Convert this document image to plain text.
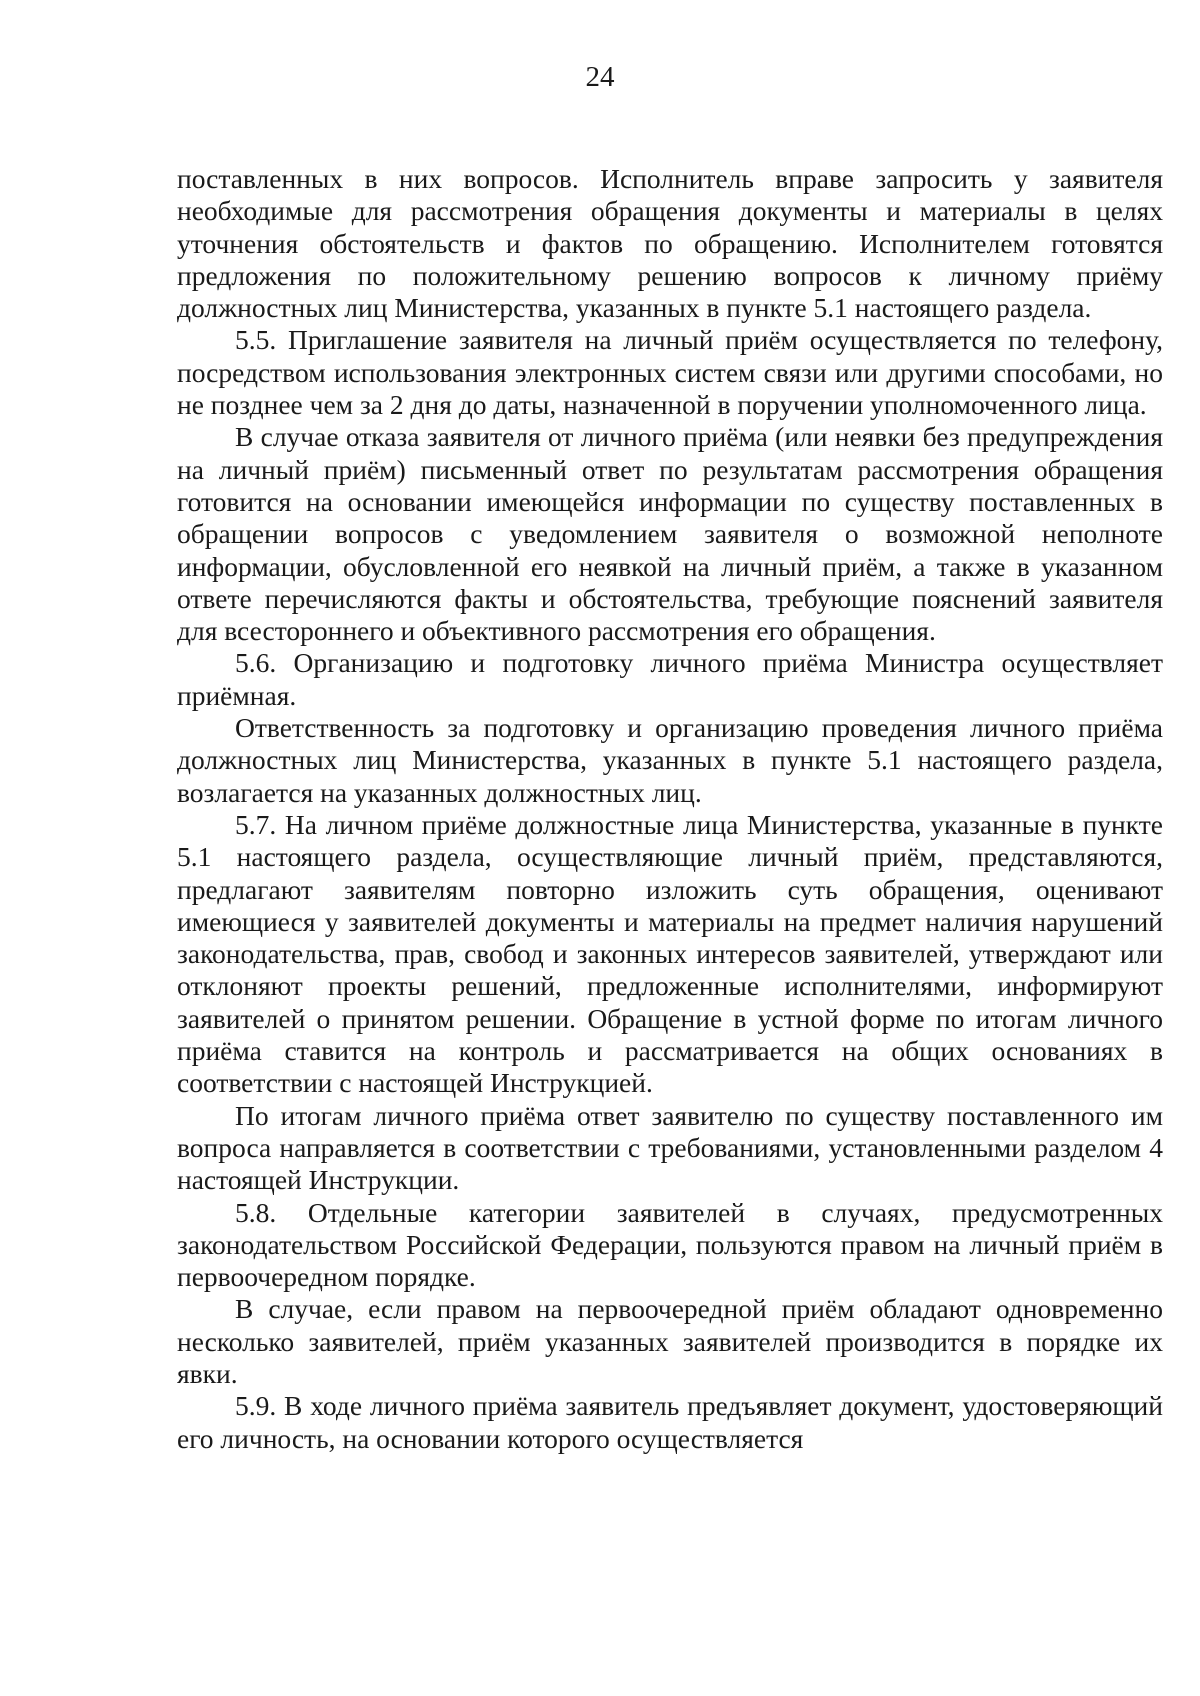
24

поставленных в них вопросов. Исполнитель вправе запросить у заявителя необходимые для рассмотрения обращения документы и материалы в целях уточнения обстоятельств и фактов по обращению. Исполнителем готовятся предложения по положительному решению вопросов к личному приёму должностных лиц Министерства, указанных в пункте 5.1 настоящего раздела.

5.5. Приглашение заявителя на личный приём осуществляется по телефону, посредством использования электронных систем связи или другими способами, но не позднее чем за 2 дня до даты, назначенной в поручении уполномоченного лица.

В случае отказа заявителя от личного приёма (или неявки без предупреждения на личный приём) письменный ответ по результатам рассмотрения обращения готовится на основании имеющейся информации по существу поставленных в обращении вопросов с уведомлением заявителя о возможной неполноте информации, обусловленной его неявкой на личный приём, а также в указанном ответе перечисляются факты и обстоятельства, требующие пояснений заявителя для всестороннего и объективного рассмотрения его обращения.

5.6. Организацию и подготовку личного приёма Министра осуществляет приёмная.

Ответственность за подготовку и организацию проведения личного приёма должностных лиц Министерства, указанных в пункте 5.1 настоящего раздела, возлагается на указанных должностных лиц.

5.7. На личном приёме должностные лица Министерства, указанные в пункте 5.1 настоящего раздела, осуществляющие личный приём, представляются, предлагают заявителям повторно изложить суть обращения, оценивают имеющиеся у заявителей документы и материалы на предмет наличия нарушений законодательства, прав, свобод и законных интересов заявителей, утверждают или отклоняют проекты решений, предложенные исполнителями, информируют заявителей о принятом решении. Обращение в устной форме по итогам личного приёма ставится на контроль и рассматривается на общих основаниях в соответствии с настоящей Инструкцией.

По итогам личного приёма ответ заявителю по существу поставленного им вопроса направляется в соответствии с требованиями, установленными разделом 4 настоящей Инструкции.

5.8. Отдельные категории заявителей в случаях, предусмотренных законодательством Российской Федерации, пользуются правом на личный приём в первоочередном порядке.

В случае, если правом на первоочередной приём обладают одновременно несколько заявителей, приём указанных заявителей производится в порядке их явки.

5.9. В ходе личного приёма заявитель предъявляет документ, удостоверяющий его личность, на основании которого осуществляется
